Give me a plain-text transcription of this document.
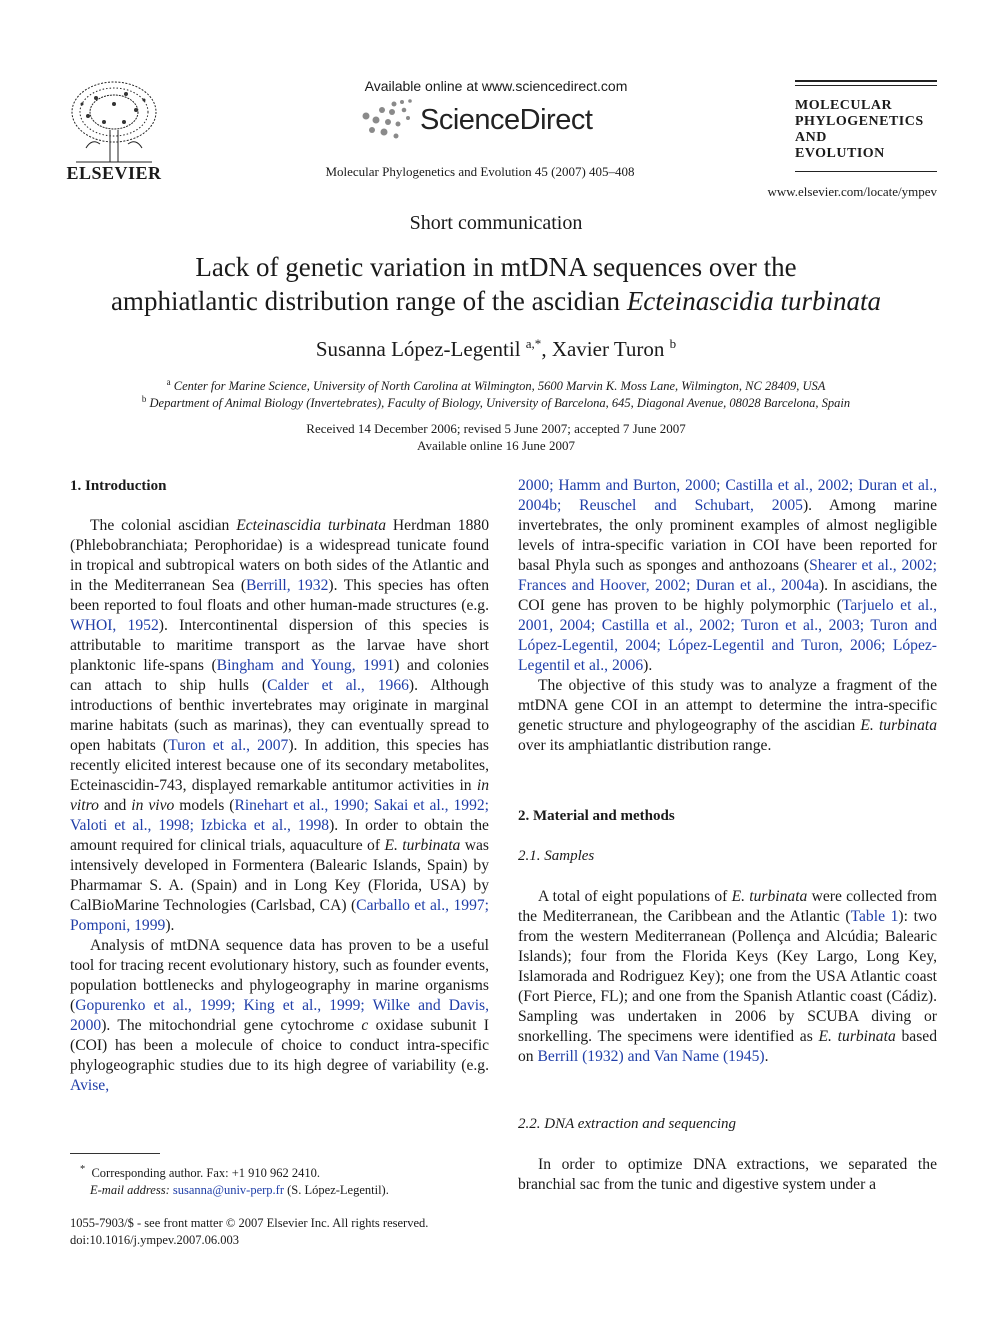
ELSEVIER
Available online at www.sciencedirect.com
ScienceDirect
Molecular Phylogenetics and Evolution 45 (2007) 405–408
MOLECULAR
PHYLOGENETICS
AND
EVOLUTION
www.elsevier.com/locate/ympev
Short communication
Lack of genetic variation in mtDNA sequences over the
amphiatlantic distribution range of the ascidian Ecteinascidia turbinata
Susanna López-Legentil $^{a,*}$, Xavier Turon $^b$
$^a$ Center for Marine Science, University of North Carolina at Wilmington, 5600 Marvin K. Moss Lane, Wilmington, NC 28409, USA
$^b$ Department of Animal Biology (Invertebrates), Faculty of Biology, University of Barcelona, 645, Diagonal Avenue, 08028 Barcelona, Spain
Received 14 December 2006; revised 5 June 2007; accepted 7 June 2007
Available online 16 June 2007
1. Introduction

The colonial ascidian Ecteinascidia turbinata Herdman 1880 (Phlebobranchiata; Perophoridae) is a widespread tunicate found in tropical and subtropical waters on both sides of the Atlantic and in the Mediterranean Sea (Berrill, 1932). This species has often been reported to foul floats and other human-made structures (e.g. WHOI, 1952). Intercontinental dispersion of this species is attributable to maritime transport as the larvae have short planktonic life-spans (Bingham and Young, 1991) and colonies can attach to ship hulls (Calder et al., 1966). Although introductions of benthic invertebrates may originate in marginal marine habitats (such as marinas), they can eventually spread to open habitats (Turon et al., 2007). In addition, this species has recently elicited interest because one of its secondary metabolites, Ecteinascidin-743, displayed remarkable antitumor activities in in vitro and in vivo models (Rinehart et al., 1990; Sakai et al., 1992; Valoti et al., 1998; Izbicka et al., 1998). In order to obtain the amount required for clinical trials, aquaculture of E. turbinata was intensively developed in Formentera (Balearic Islands, Spain) by Pharmamar S. A. (Spain) and in Long Key (Florida, USA) by CalBioMarine Technologies (Carlsbad, CA) (Carballo et al., 1997; Pomponi, 1999).

Analysis of mtDNA sequence data has proven to be a useful tool for tracing recent evolutionary history, such as founder events, population bottlenecks and phylogeography in marine organisms (Gopurenko et al., 1999; King et al., 1999; Wilke and Davis, 2000). The mitochondrial gene cytochrome c oxidase subunit I (COI) has been a molecule of choice to conduct intra-specific phylogeographic studies due to its high degree of variability (e.g. Avise,

* Corresponding author. Fax: +1 910 962 2410.
E-mail address: susanna@univ-perp.fr (S. López-Legentil).
1055-7903/$ - see front matter © 2007 Elsevier Inc. All rights reserved.
doi:10.1016/j.ympev.2007.06.003

2000; Hamm and Burton, 2000; Castilla et al., 2002; Duran et al., 2004b; Reuschel and Schubart, 2005). Among marine invertebrates, the only prominent examples of almost negligible levels of intra-specific variation in COI have been reported for basal Phyla such as sponges and anthozoans (Shearer et al., 2002; Frances and Hoover, 2002; Duran et al., 2004a). In ascidians, the COI gene has proven to be highly polymorphic (Tarjuelo et al., 2001, 2004; Castilla et al., 2002; Turon et al., 2003; Turon and López-Legentil, 2004; López-Legentil and Turon, 2006; López-Legentil et al., 2006).

The objective of this study was to analyze a fragment of the mtDNA gene COI in an attempt to determine the intra-specific genetic structure and phylogeography of the ascidian E. turbinata over its amphiatlantic distribution range.

2. Material and methods
2.1. Samples

A total of eight populations of E. turbinata were collected from the Mediterranean, the Caribbean and the Atlantic (Table 1): two from the western Mediterranean (Pollença and Alcúdia; Balearic Islands); four from the Florida Keys (Key Largo, Long Key, Islamorada and Rodriguez Key); one from the USA Atlantic coast (Fort Pierce, FL); and one from the Spanish Atlantic coast (Cádiz). Sampling was undertaken in 2006 by SCUBA diving or snorkelling. The specimens were identified as E. turbinata based on Berrill (1932) and Van Name (1945).

2.2. DNA extraction and sequencing

In order to optimize DNA extractions, we separated the branchial sac from the tunic and digestive system under a
